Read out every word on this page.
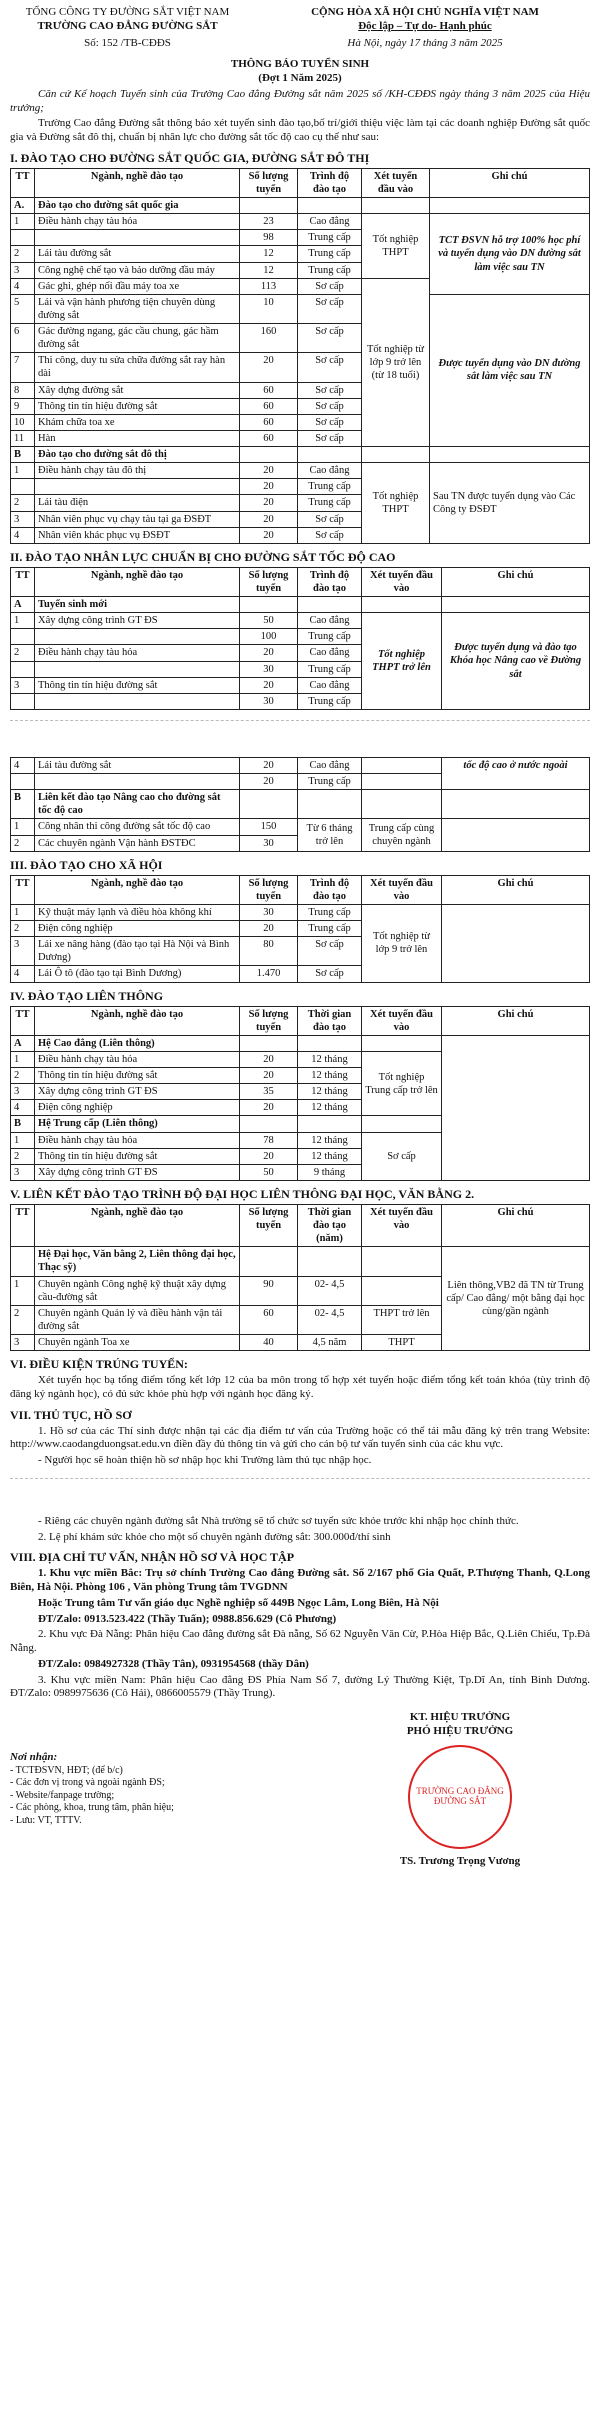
TỔNG CÔNG TY ĐƯỜNG SẮT VIỆT NAM
TRƯỜNG CAO ĐẲNG ĐƯỜNG SẮT
Số: 152 /TB-CĐĐS
CỘNG HÒA XÃ HỘI CHỦ NGHĨA VIỆT NAM
Độc lập – Tự do- Hạnh phúc
Hà Nội, ngày 17 tháng 3 năm 2025
THÔNG BÁO TUYỂN SINH
(Đợt 1 Năm 2025)

Căn cứ Kế hoạch Tuyển sinh của Trường Cao đẳng Đường sắt năm 2025 số /KH-CĐĐS ngày tháng 3 năm 2025 của Hiệu trưởng;

Trường Cao đẳng Đường sắt thông báo xét tuyển sinh đào tạo,bố trí/giới thiệu việc làm tại các doanh nghiệp Đường sắt quốc gia và Đường sắt đô thị, chuẩn bị nhân lực cho đường sắt tốc độ cao cụ thể như sau:

I. ĐÀO TẠO CHO ĐƯỜNG SẮT QUỐC GIA, ĐƯỜNG SẮT ĐÔ THỊ
TT	Ngành, nghề đào tạo	Số lượng tuyển	Trình độ đào tạo	Xét tuyển đầu vào	Ghi chú
A.	Đào tạo cho đường sắt quốc gia				
1	Điều hành chạy tàu hỏa	23	Cao đẳng	Tốt nghiệp THPT	TCT ĐSVN hỗ trợ 100% học phí và tuyển dụng vào DN đường sắt làm việc sau TN
		98	Trung cấp		
2	Lái tàu đường sắt	12	Trung cấp		
3	Công nghệ chế tạo và bảo dưỡng đầu máy	12	Trung cấp		
4	Gác ghi, ghép nối đầu máy toa xe	113	Sơ cấp	Tốt nghiệp từ lớp 9 trở lên (từ 18 tuổi)	
5	Lái và vận hành phương tiện chuyên dùng đường sắt	10	Sơ cấp		Được tuyển dụng vào DN đường sắt làm việc sau TN
6	Gác đường ngang, gác cầu chung, gác hầm đường sắt	160	Sơ cấp		
7	Thi công, duy tu sửa chữa đường sắt ray hàn dài	20	Sơ cấp		
8	Xây dựng đường sắt	60	Sơ cấp		
9	Thông tin tín hiệu đường sắt	60	Sơ cấp		
10	Khám chữa toa xe	60	Sơ cấp		
11	Hàn	60	Sơ cấp		
B	Đào tạo cho đường sắt đô thị				
1	Điều hành chạy tàu đô thị	20	Cao đẳng	Tốt nghiệp THPT	Sau TN được tuyển dụng vào Các Công ty ĐSĐT
		20	Trung cấp		
2	Lái tàu điện	20	Trung cấp		
3	Nhân viên phục vụ chạy tàu tại ga ĐSĐT	20	Sơ cấp		
4	Nhân viên khác phục vụ ĐSĐT	20	Sơ cấp		
II. ĐÀO TẠO NHÂN LỰC CHUẨN BỊ CHO ĐƯỜNG SẮT TỐC ĐỘ CAO
TT	Ngành, nghề đào tạo	Số lượng tuyển	Trình độ đào tạo	Xét tuyển đầu vào	Ghi chú
A	Tuyển sinh mới				
1	Xây dựng công trình GT ĐS	50	Cao đẳng	Tốt nghiệp THPT trở lên	Được tuyển dụng và đào tạo Khóa học Nâng cao về Đường sắt
		100	Trung cấp		
2	Điều hành chạy tàu hỏa	20	Cao đẳng		
		30	Trung cấp		
3	Thông tin tín hiệu đường sắt	20	Cao đẳng		
		30	Trung cấp		
4	Lái tàu đường sắt	20	Cao đẳng		tốc độ cao ở nước ngoài
		20	Trung cấp		
B	Liên kết đào tạo Nâng cao cho đường sắt tốc độ cao				
1	Công nhân thi công đường sắt tốc độ cao	150	Từ 6 tháng trở lên	Trung cấp cùng chuyên ngành	
2	Các chuyên ngành Vận hành ĐSTĐC	30			
III. ĐÀO TẠO CHO XÃ HỘI
TT	Ngành, nghề đào tạo	Số lượng tuyển	Trình độ đào tạo	Xét tuyển đầu vào	Ghi chú
1	Kỹ thuật máy lạnh và điều hòa không khí	30	Trung cấp	Tốt nghiệp từ lớp 9 trở lên	
2	Điện công nghiệp	20	Trung cấp		
3	Lái xe nâng hàng (đào tạo tại Hà Nội và Bình Dương)	80	Sơ cấp		
4	Lái Ô tô (đào tạo tại Bình Dương)	1.470	Sơ cấp		
IV. ĐÀO TẠO LIÊN THÔNG
TT	Ngành, nghề đào tạo	Số lượng tuyển	Thời gian đào tạo	Xét tuyển đầu vào	Ghi chú
A	Hệ Cao đẳng (Liên thông)				
1	Điều hành chạy tàu hỏa	20	12 tháng	Tốt nghiệp Trung cấp trở lên	
2	Thông tin tín hiệu đường sắt	20	12 tháng		
3	Xây dựng công trình GT ĐS	35	12 tháng		
4	Điện công nghiệp	20	12 tháng		
B	Hệ Trung cấp (Liên thông)				
1	Điều hành chạy tàu hỏa	78	12 tháng	Sơ cấp	
2	Thông tin tín hiệu đường sắt	20	12 tháng		
3	Xây dựng công trình GT ĐS	50	9 tháng		
V. LIÊN KẾT ĐÀO TẠO TRÌNH ĐỘ ĐẠI HỌC LIÊN THÔNG ĐẠI HỌC, VĂN BẰNG 2.
TT	Ngành, nghề đào tạo	Số lượng tuyển	Thời gian đào tạo (năm)	Xét tuyển đầu vào	Ghi chú
	Hệ Đại học, Văn bằng 2, Liên thông đại học, Thạc sỹ)				Liên thông,VB2 đã TN từ Trung cấp/ Cao đẳng/ một bằng đại học cùng/gần ngành
1	Chuyên ngành Công nghệ kỹ thuật xây dựng cầu-đường sắt	90	02- 4,5		
2	Chuyên ngành Quản lý và điều hành vận tải đường sắt	60	02- 4,5	THPT trở lên	
3	Chuyên ngành Toa xe	40	4,5 năm	THPT	
VI. ĐIỀU KIỆN TRÚNG TUYỂN:

Xét tuyển học bạ tổng điểm tổng kết lớp 12 của ba môn trong tổ hợp xét tuyển hoặc điểm tổng kết toán khóa (tùy trình độ đăng ký ngành học), có đủ sức khỏe phù hợp với ngành học đăng ký.

VII. THỦ TỤC, HỒ SƠ

1. Hồ sơ của các Thí sinh được nhận tại các địa điểm tư vấn của Trường hoặc có thể tải mẫu đăng ký trên trang Website: http://www.caodangduongsat.edu.vn điền đầy đủ thông tin và gửi cho cán bộ tư vấn tuyển sinh của các khu vực.

- Người học sẽ hoàn thiện hồ sơ nhập học khi Trường làm thủ tục nhập học.

- Riêng các chuyên ngành đường sắt Nhà trường sẽ tổ chức sơ tuyển sức khỏe trước khi nhập học chính thức.

2. Lệ phí khám sức khỏe cho một số chuyên ngành đường sắt: 300.000đ/thí sinh

VIII. ĐỊA CHỈ TƯ VẤN, NHẬN HỒ SƠ VÀ HỌC TẬP

1. Khu vực miền Bắc: Trụ sở chính Trường Cao đẳng Đường sắt. Số 2/167 phố Gia Quất, P.Thượng Thanh, Q.Long Biên, Hà Nội. Phòng 106 , Văn phòng Trung tâm TVGDNN

Hoặc Trung tâm Tư vấn giáo dục Nghề nghiệp số 449B Ngọc Lâm, Long Biên, Hà Nội

ĐT/Zalo: 0913.523.422 (Thầy Tuấn); 0988.856.629 (Cô Phương)

2. Khu vực Đà Nẵng: Phân hiệu Cao đẳng đường sắt Đà nẵng, Số 62 Nguyễn Văn Cừ, P.Hòa Hiệp Bắc, Q.Liên Chiểu, Tp.Đà Nẵng.

ĐT/Zalo: 0984927328 (Thầy Tân), 0931954568 (thầy Dân)

3. Khu vực miền Nam: Phân hiệu Cao đẳng ĐS Phía Nam Số 7, đường Lý Thường Kiệt, Tp.Dĩ An, tỉnh Bình Dương. ĐT/Zalo: 0989975636 (Cô Hải), 0866005579 (Thầy Trung).

Nơi nhận:
- TCTĐSVN, HĐT; (để b/c)
- Các đơn vị trong và ngoài ngành ĐS;
- Website/fanpage trường;
- Các phòng, khoa, trung tâm, phân hiệu;
- Lưu: VT, TTTV.
KT. HIỆU TRƯỞNG
PHÓ HIỆU TRƯỞNG
TRƯỜNG CAO ĐẲNG ĐƯỜNG SẮT
TS. Trương Trọng Vương
